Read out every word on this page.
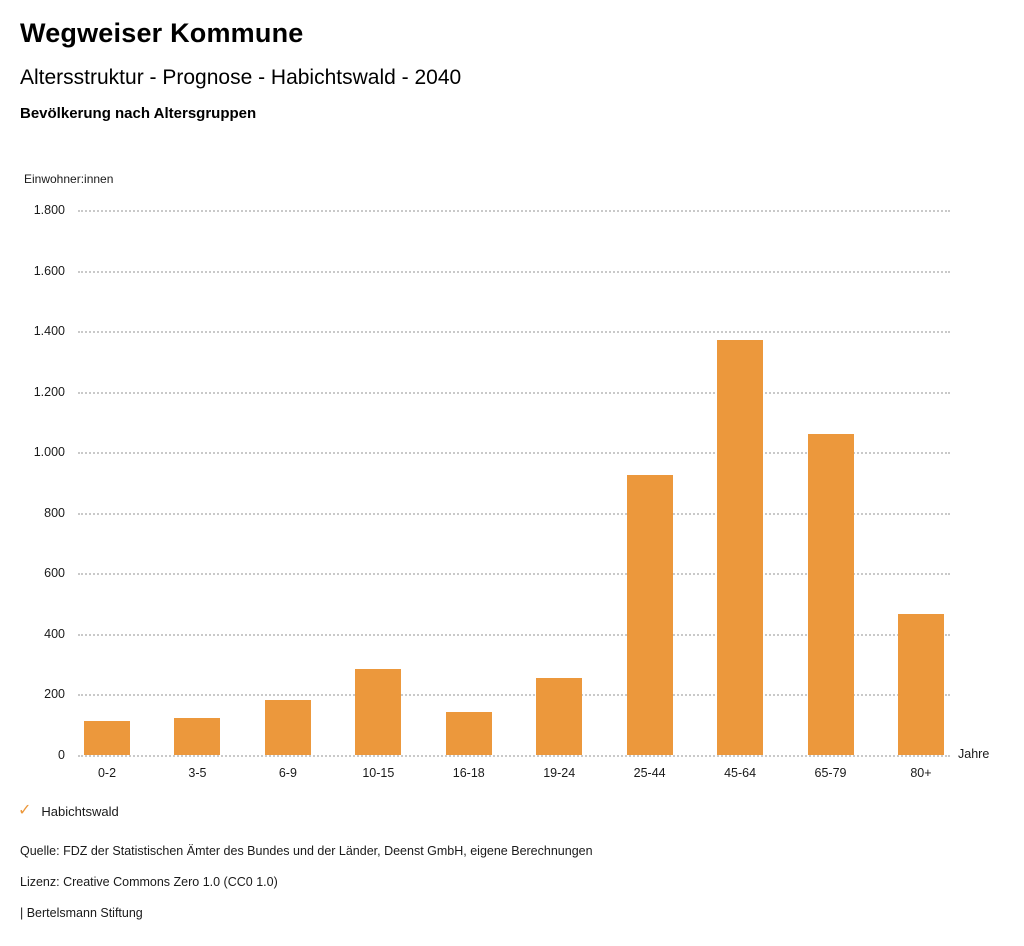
Wegweiser Kommune
Altersstruktur - Prognose - Habichtswald - 2040
Bevölkerung nach Altersgruppen
Einwohner:innen
1.800
1.600
1.400
1.200
1.000
800
600
400
200
0
0-2	3-5	6-9	10-15	16-18	19-24	25-44	45-64	65-79	80+
Jahre
✓ Habichtswald
Quelle: FDZ der Statistischen Ämter des Bundes und der Länder, Deenst GmbH, eigene Berechnungen
Lizenz: Creative Commons Zero 1.0 (CC0 1.0)
| Bertelsmann Stiftung
